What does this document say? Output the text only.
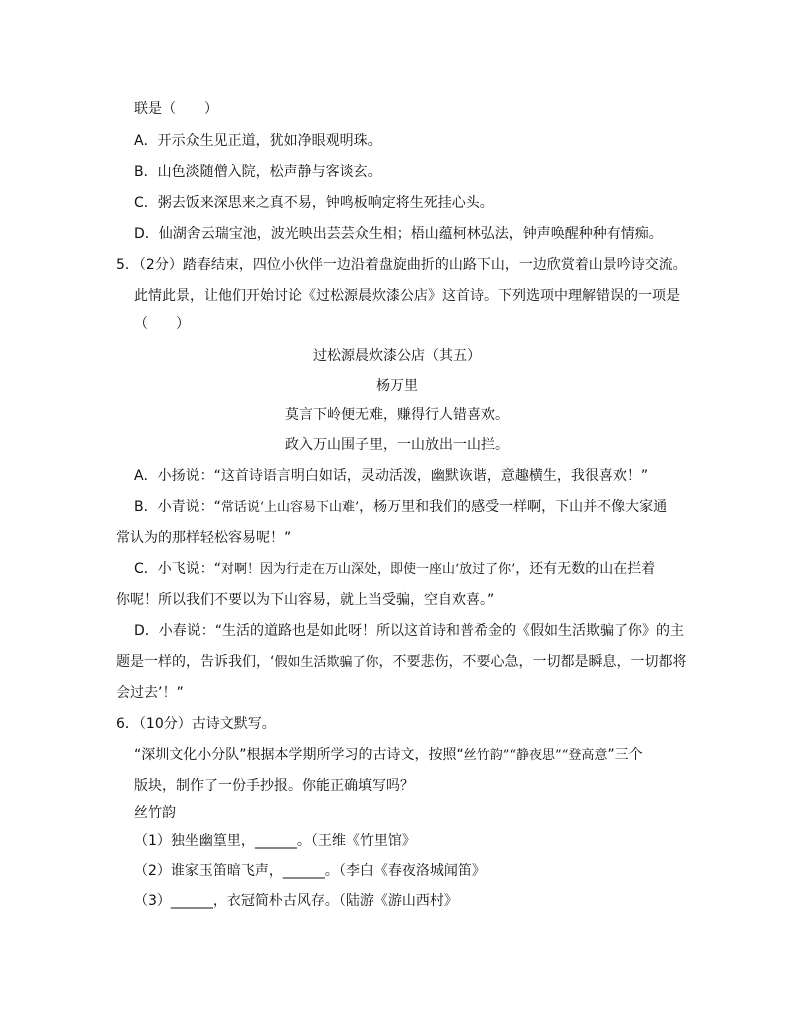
联是（　　）
A．开示众生见正道，犹如净眼观明珠。
B．山色淡随僧入院，松声静与客谈玄。
C．粥去饭来深思来之真不易，钟鸣板响定将生死挂心头。
D．仙湖舍云瑞宝池，波光映出芸芸众生相；梧山蕴柯林弘法，钟声唤醒种种有情痴。
5．（2分）踏春结束，四位小伙伴一边沿着盘旋曲折的山路下山，一边欣赏着山景吟诗交流。
此情此景，让他们开始讨论《过松源晨炊漆公店》这首诗。下列选项中理解错误的一项是
（　　）
过松源晨炊漆公店（其五）
杨万里
莫言下岭便无难，赚得行人错喜欢。
政入万山围子里，一山放出一山拦。
A．小扬说：“这首诗语言明白如话，灵动活泼，幽默诙谐，意趣横生，我很喜欢！”
B．小青说：“常话说‘上山容易下山难’，杨万里和我们的感受一样啊，下山并不像大家通
常认为的那样轻松容易呢！”
C．小飞说：“对啊！因为行走在万山深处，即使一座山‘放过了你’，还有无数的山在拦着
你呢！所以我们不要以为下山容易，就上当受骗，空自欢喜。”
D．小春说：“生活的道路也是如此呀！所以这首诗和普希金的《假如生活欺骗了你》的主
题是一样的，告诉我们，‘假如生活欺骗了你，不要悲伤，不要心急，一切都是瞬息，一切都将
会过去’！”
6．（10分）古诗文默写。
“深圳文化小分队”根据本学期所学习的古诗文，按照“丝竹韵”“静夜思”“登高意”三个
版块，制作了一份手抄报。你能正确填写吗？
丝竹韵
（1）独坐幽篁里，______。（王维《竹里馆》
（2）谁家玉笛暗飞声，______。（李白《春夜洛城闻笛》
（3）______，衣冠简朴古风存。（陆游《游山西村》
